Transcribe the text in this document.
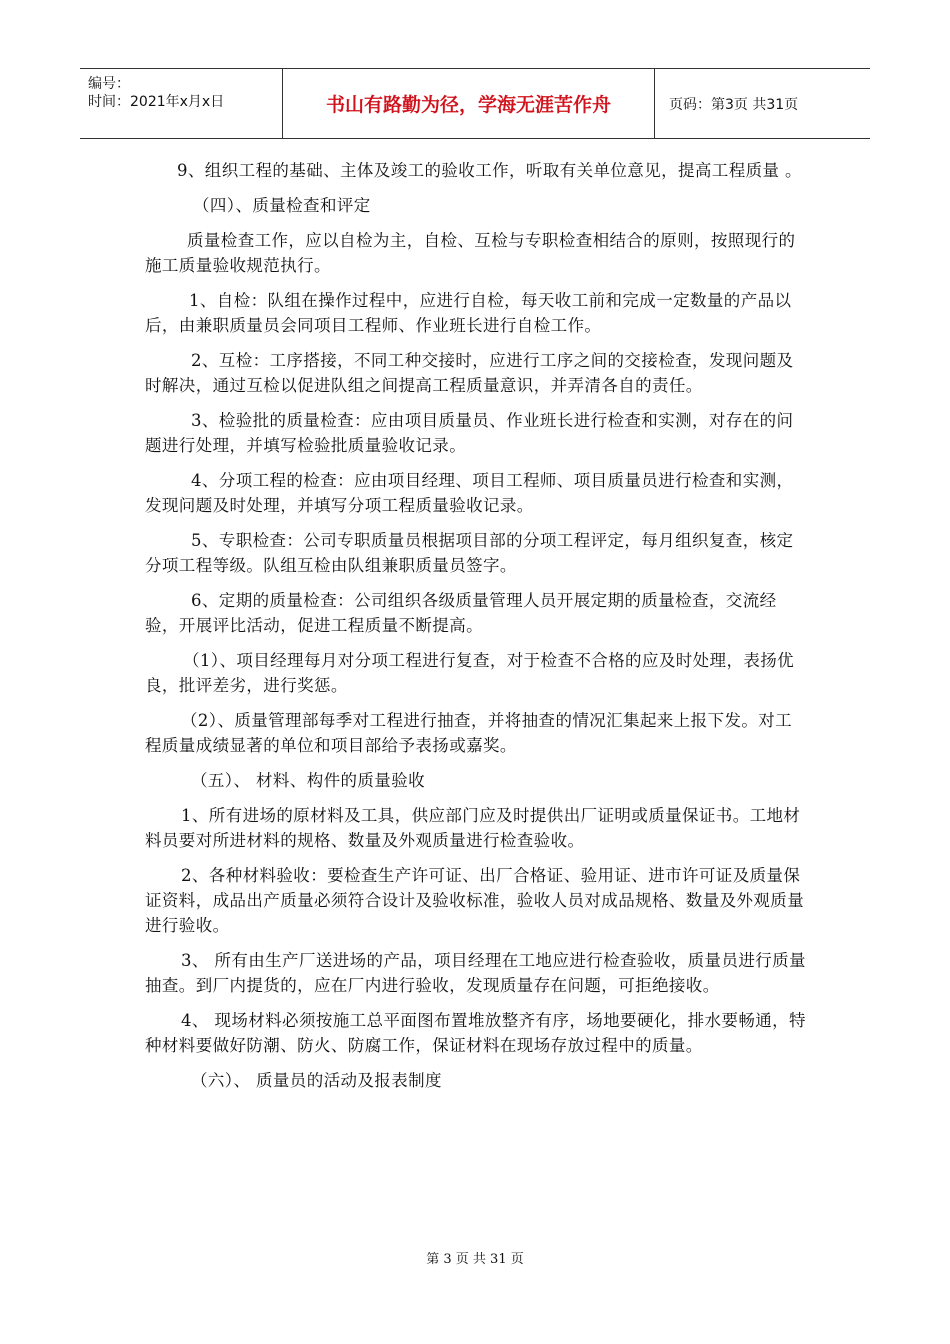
编号：
时间：2021年x月x日	书山有路勤为径，学海无涯苦作舟	页码：第3页 共31页

9、组织工程的基础、主体及竣工的验收工作，听取有关单位意见，提高工程质量 。

（四）、质量检查和评定

质量检查工作，应以自检为主，自检、互检与专职检查相结合的原则，按照现行的施工质量验收规范执行。

1、自检：队组在操作过程中，应进行自检，每天收工前和完成一定数量的产品以后，由兼职质量员会同项目工程师、作业班长进行自检工作。

2、互检：工序搭接，不同工种交接时，应进行工序之间的交接检查，发现问题及时解决，通过互检以促进队组之间提高工程质量意识，并弄清各自的责任。

3、检验批的质量检查：应由项目质量员、作业班长进行检查和实测，对存在的问题进行处理，并填写检验批质量验收记录。

4、分项工程的检查：应由项目经理、项目工程师、项目质量员进行检查和实测，发现问题及时处理，并填写分项工程质量验收记录。

5、专职检查：公司专职质量员根据项目部的分项工程评定，每月组织复查，核定分项工程等级。队组互检由队组兼职质量员签字。

6、定期的质量检查：公司组织各级质量管理人员开展定期的质量检查，交流经验，开展评比活动，促进工程质量不断提高。

（1）、项目经理每月对分项工程进行复查，对于检查不合格的应及时处理，表扬优良，批评差劣，进行奖惩。

（2）、质量管理部每季对工程进行抽查，并将抽查的情况汇集起来上报下发。对工程质量成绩显著的单位和项目部给予表扬或嘉奖。

（五）、 材料、构件的质量验收

1、所有进场的原材料及工具，供应部门应及时提供出厂证明或质量保证书。工地材料员要对所进材料的规格、数量及外观质量进行检查验收。

2、各种材料验收：要检查生产许可证、出厂合格证、验用证、进市许可证及质量保证资料，成品出产质量必须符合设计及验收标准，验收人员对成品规格、数量及外观质量进行验收。

3、 所有由生产厂送进场的产品，项目经理在工地应进行检查验收，质量员进行质量抽查。到厂内提货的，应在厂内进行验收，发现质量存在问题，可拒绝接收。

4、 现场材料必须按施工总平面图布置堆放整齐有序，场地要硬化，排水要畅通，特种材料要做好防潮、防火、防腐工作，保证材料在现场存放过程中的质量。

（六）、 质量员的活动及报表制度

第 3 页 共 31 页
